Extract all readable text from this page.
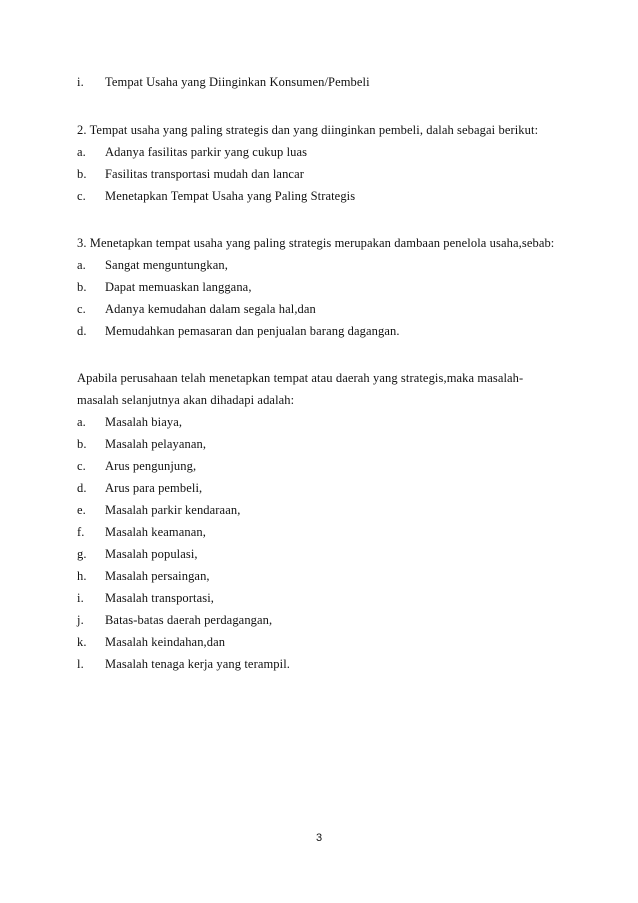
i. Tempat Usaha yang Diinginkan Konsumen/Pembeli
2. Tempat usaha yang paling strategis dan yang diinginkan pembeli, dalah sebagai berikut:
a. Adanya fasilitas parkir yang cukup luas
b. Fasilitas transportasi mudah dan lancar
c. Menetapkan Tempat Usaha yang Paling Strategis
3. Menetapkan tempat usaha yang paling strategis merupakan dambaan penelola usaha,sebab:
a. Sangat menguntungkan,
b. Dapat memuaskan langgana,
c. Adanya kemudahan dalam segala hal,dan
d. Memudahkan pemasaran dan penjualan barang dagangan.
Apabila perusahaan telah menetapkan tempat atau daerah yang strategis,maka masalah-
masalah selanjutnya akan dihadapi adalah:
a. Masalah biaya,
b. Masalah pelayanan,
c. Arus pengunjung,
d. Arus para pembeli,
e. Masalah parkir kendaraan,
f. Masalah keamanan,
g. Masalah populasi,
h. Masalah persaingan,
i. Masalah transportasi,
j. Batas-batas daerah perdagangan,
k. Masalah keindahan,dan
l. Masalah tenaga kerja yang terampil.
3
